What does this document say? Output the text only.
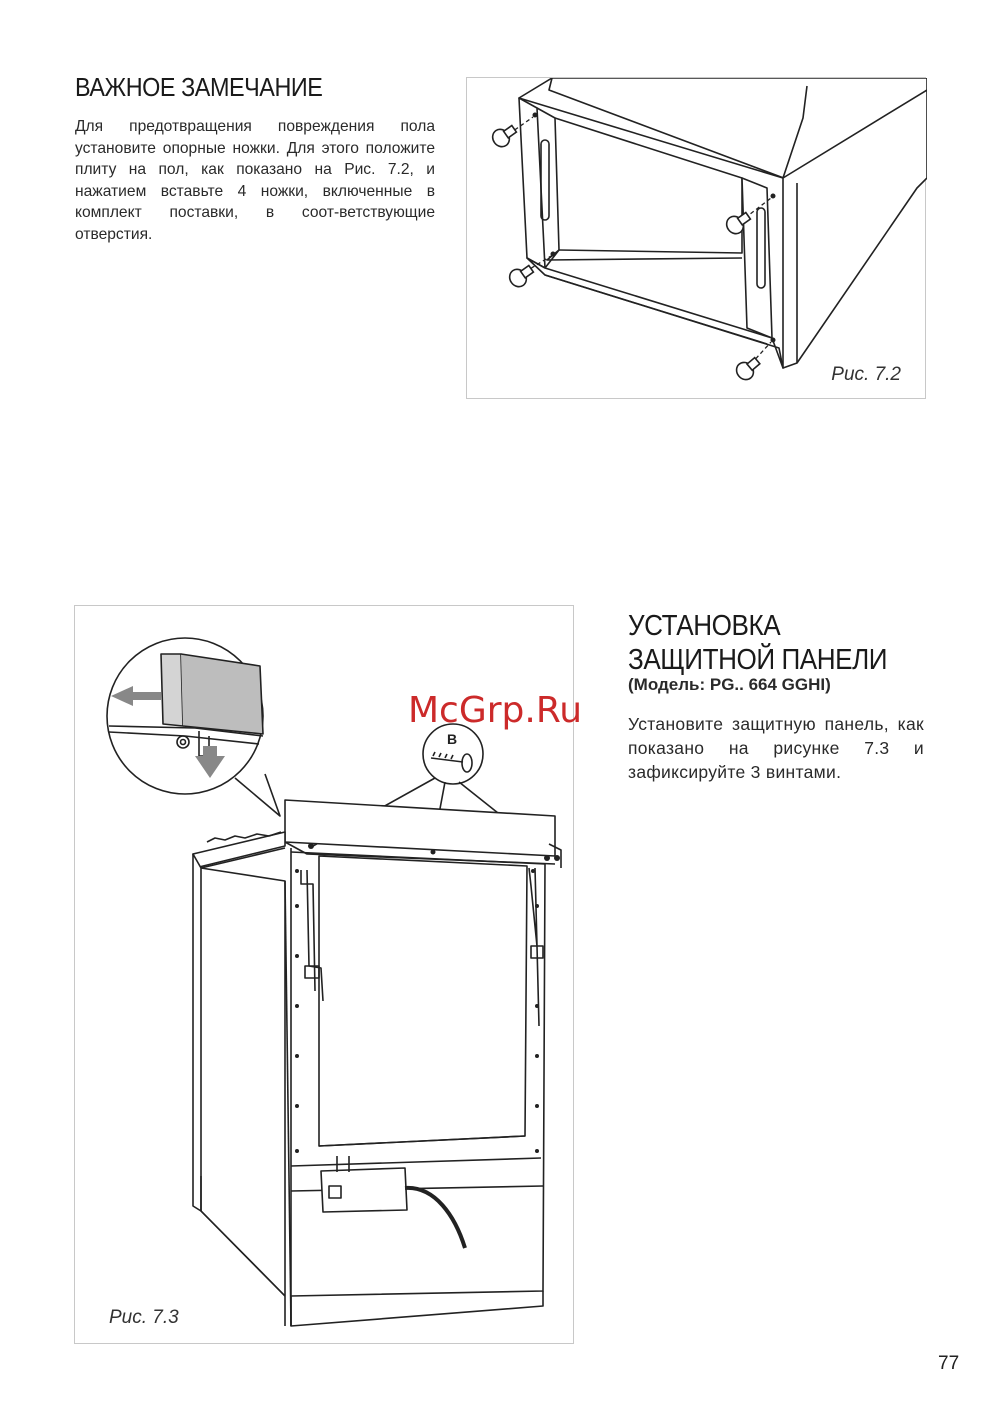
ВАЖНОЕ ЗАМЕЧАНИЕ

Для предотвращения повреждения пола установите опорные ножки. Для этого положите плиту на пол, как показано на Рис. 7.2, и нажатием вставьте 4 ножки, включенные в комплект поставки, в соот-ветствующие отверстия.

Рис. 7.2
B
Рис. 7.3
УСТАНОВКА ЗАЩИТНОЙ ПАНЕЛИ

(Модель: PG.. 664 GGHI)

Установите защитную панель, как показано на рисунке 7.3 и зафиксируйте 3 винтами.

McGrp.Ru
77
